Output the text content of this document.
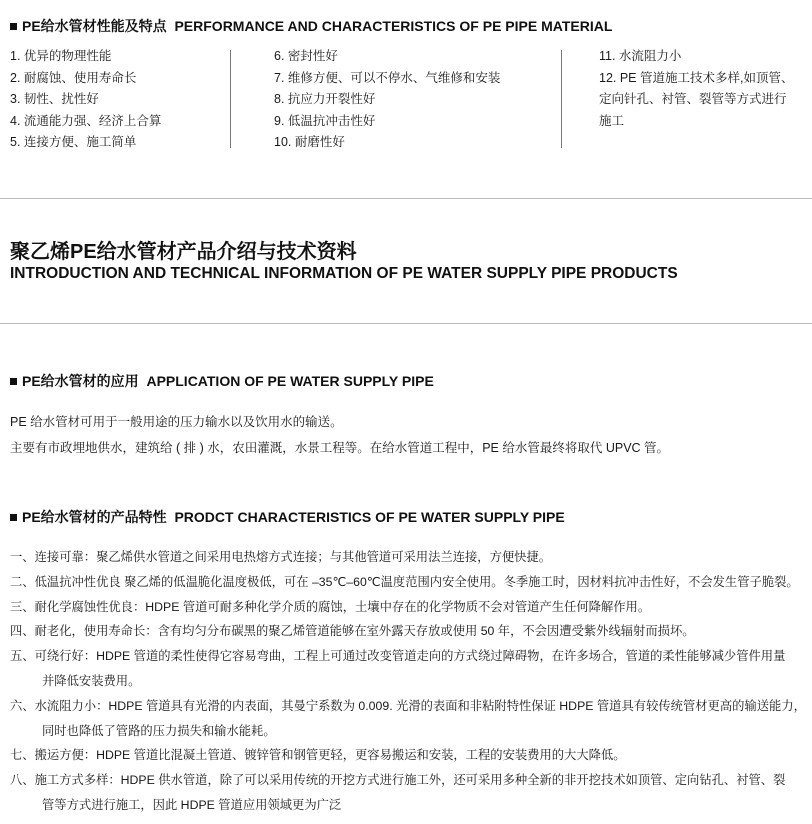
PE给水管材性能及特点 PERFORMANCE AND CHARACTERISTICS OF PE PIPE MATERIAL
1. 优异的物理性能
2. 耐腐蚀、使用寿命长
3. 韧性、扰性好
4. 流通能力强、经济上合算
5. 连接方便、施工简单
6. 密封性好
7. 维修方便、可以不停水、气维修和安装
8. 抗应力开裂性好
9. 低温抗冲击性好
10. 耐磨性好
11. 水流阻力小
12. PE 管道施工技术多样,如顶管、
定向针孔、衬管、裂管等方式进行
施工
聚乙烯PE给水管材产品介绍与技术资料
INTRODUCTION AND TECHNICAL INFORMATION OF PE WATER SUPPLY PIPE PRODUCTS
PE给水管材的应用 APPLICATION OF PE WATER SUPPLY PIPE
PE 给水管材可用于一般用途的压力输水以及饮用水的输送。
主要有市政埋地供水，建筑给 ( 排 ) 水，农田灌溉，水景工程等。在给水管道工程中，PE 给水管最终将取代 UPVC 管。
PE给水管材的产品特性 PRODCT CHARACTERISTICS OF PE WATER SUPPLY PIPE
一、连接可靠：聚乙烯供水管道之间采用电热熔方式连接；与其他管道可采用法兰连接，方便快捷。
二、低温抗冲性优良 聚乙烯的低温脆化温度极低，可在 –35℃–60℃温度范围内安全使用。冬季施工时，因材料抗冲击性好，不会发生管子脆裂。
三、耐化学腐蚀性优良：HDPE 管道可耐多种化学介质的腐蚀，土壤中存在的化学物质不会对管道产生任何降解作用。
四、耐老化，使用寿命长：含有均匀分布碳黑的聚乙烯管道能够在室外露天存放或使用 50 年，不会因遭受紫外线辐射而损坏。
五、可绕行好：HDPE 管道的柔性使得它容易弯曲，工程上可通过改变管道走向的方式绕过障碍物，在许多场合，管道的柔性能够减少管件用量
并降低安装费用。
六、水流阻力小：HDPE 管道具有光滑的内表面，其曼宁系数为 0.009. 光滑的表面和非粘附特性保证 HDPE 管道具有较传统管材更高的输送能力，
同时也降低了管路的压力损失和输水能耗。
七、搬运方便：HDPE 管道比混凝土管道、镀锌管和钢管更轻，更容易搬运和安装，工程的安装费用的大大降低。
八、施工方式多样：HDPE 供水管道，除了可以采用传统的开挖方式进行施工外，还可采用多种全新的非开挖技术如顶管、定向钻孔、衬管、裂
管等方式进行施工，因此 HDPE 管道应用领域更为广泛
